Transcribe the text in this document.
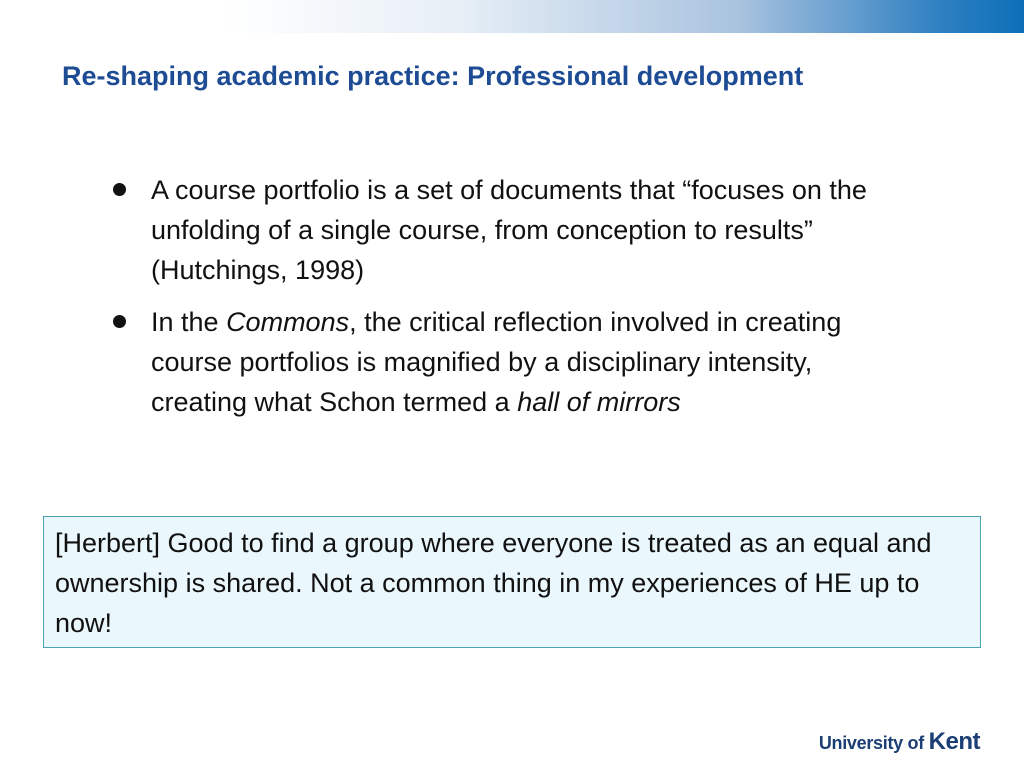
Re-shaping academic practice: Professional development
A course portfolio is a set of documents that “focuses on the unfolding of a single course, from conception to results” (Hutchings, 1998)
In the Commons, the critical reflection involved in creating course portfolios is magnified by a disciplinary intensity, creating what Schon termed a hall of mirrors
[Herbert] Good to find a group where everyone is treated as an equal and ownership is shared. Not a common thing in my experiences of HE up to now!
University of Kent
